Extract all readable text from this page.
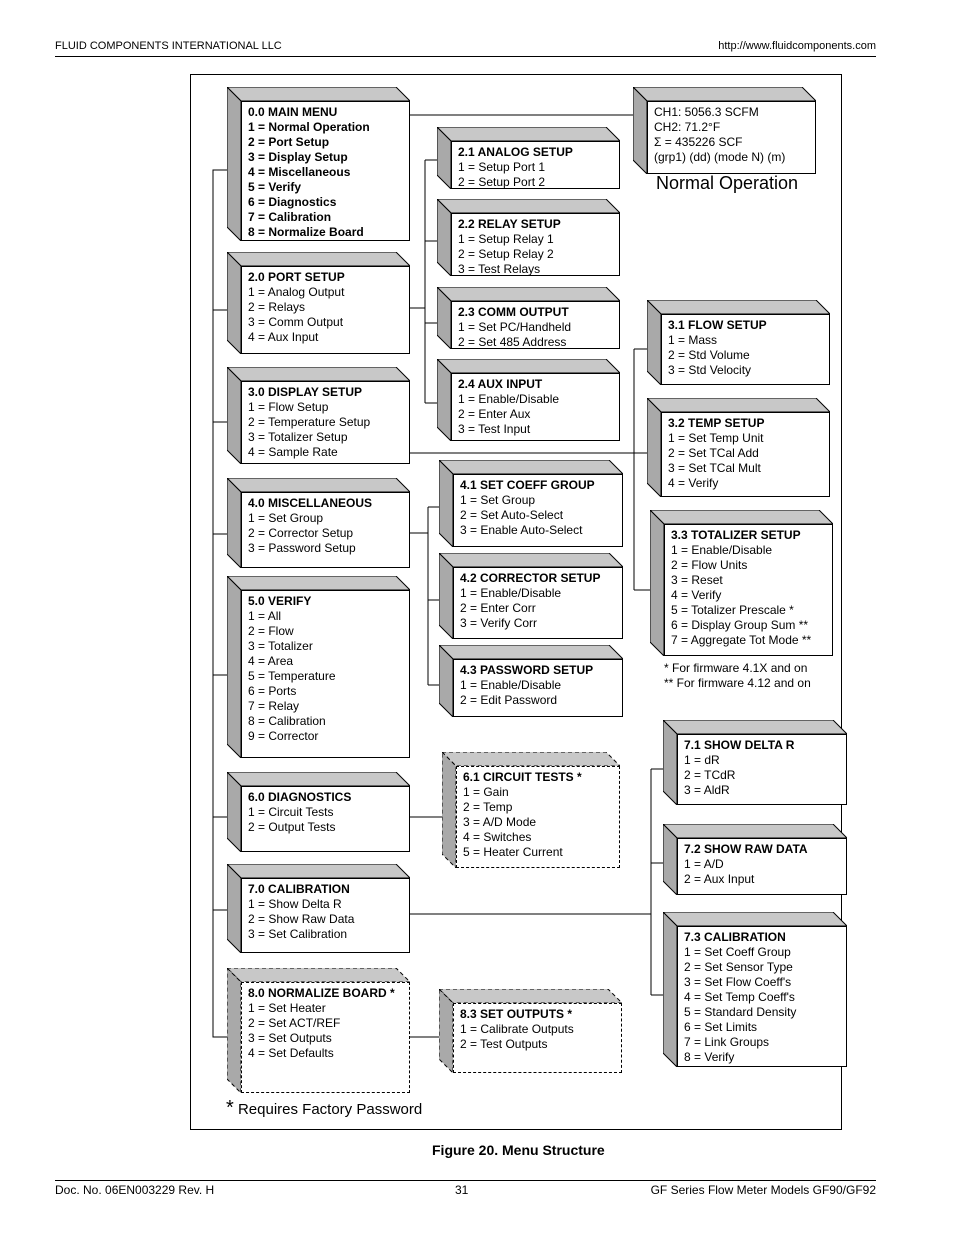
FLUID COMPONENTS INTERNATIONAL LLC	http://www.fluidcomponents.com
0.0 MAIN MENU
1 = Normal Operation
2 = Port Setup
3 = Display Setup
4 = Miscellaneous
5 = Verify
6 = Diagnostics
7 = Calibration
8 = Normalize Board
CH1: 5056.3 SCFM
CH2: 71.2°F
Σ = 435226 SCF
(grp1) (dd) (mode N) (m)
Normal Operation
2.0 PORT SETUP
1 = Analog Output
2 = Relays
3 = Comm Output
4 = Aux Input
2.1 ANALOG SETUP
1 = Setup Port 1
2 = Setup Port 2
2.2 RELAY SETUP
1 = Setup Relay 1
2 = Setup Relay 2
3 = Test Relays
2.3 COMM OUTPUT
1 = Set PC/Handheld
2 = Set 485 Address
2.4 AUX INPUT
1 = Enable/Disable
2 = Enter Aux
3 = Test Input
3.0 DISPLAY SETUP
1 = Flow Setup
2 = Temperature Setup
3 = Totalizer Setup
4 = Sample Rate
3.1 FLOW SETUP
1 = Mass
2 = Std Volume
3 = Std Velocity
3.2 TEMP SETUP
1 = Set Temp Unit
2 = Set TCal Add
3 = Set TCal Mult
4 = Verify
3.3 TOTALIZER SETUP
1 = Enable/Disable
2 = Flow Units
3 = Reset
4 = Verify
5 = Totalizer Prescale *
6 = Display Group Sum **
7 = Aggregate Tot Mode **
* For firmware 4.1X and on
** For firmware 4.12 and on
4.0 MISCELLANEOUS
1 = Set Group
2 = Corrector Setup
3 = Password Setup
4.1 SET COEFF GROUP
1 = Set Group
2 = Set Auto-Select
3 = Enable Auto-Select
4.2 CORRECTOR SETUP
1 = Enable/Disable
2 = Enter Corr
3 = Verify Corr
4.3 PASSWORD SETUP
1 = Enable/Disable
2 = Edit Password
5.0 VERIFY
1 = All
2 = Flow
3 = Totalizer
4 = Area
5 = Temperature
6 = Ports
7 = Relay
8 = Calibration
9 = Corrector
6.0 DIAGNOSTICS
1 = Circuit Tests
2 = Output Tests
6.1 CIRCUIT TESTS *
1 = Gain
2 = Temp
3 = A/D Mode
4 = Switches
5 = Heater Current
7.0 CALIBRATION
1 = Show Delta R
2 = Show Raw Data
3 = Set Calibration
7.1 SHOW DELTA R
1 = dR
2 = TCdR
3 = AldR
7.2 SHOW RAW DATA
1 = A/D
2 = Aux Input
7.3 CALIBRATION
1 = Set Coeff Group
2 = Set Sensor Type
3 = Set Flow Coeff's
4 = Set Temp Coeff's
5 = Standard Density
6 = Set Limits
7 = Link Groups
8 = Verify
8.0 NORMALIZE BOARD *
1 = Set Heater
2 = Set ACT/REF
3 = Set Outputs
4 = Set Defaults
8.3 SET OUTPUTS *
1 = Calibrate Outputs
2 = Test Outputs
* Requires Factory Password
Figure 20. Menu Structure
Doc. No. 06EN003229 Rev. H	31	GF Series Flow Meter Models GF90/GF92
